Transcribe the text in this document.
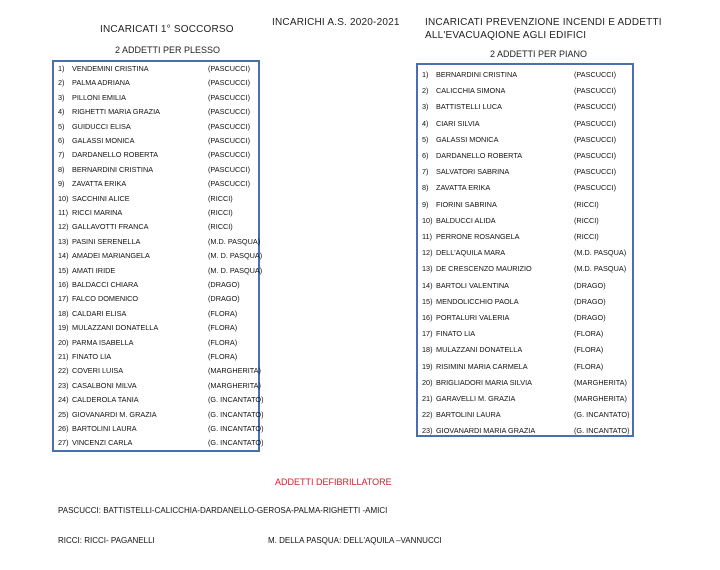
INCARICATI 1° SOCCORSO
INCARICHI A.S. 2020-2021	INCARICATI PREVENZIONE INCENDI E ADDETTI
ALL'EVACUAQIONE AGLI EDIFICI
2 ADDETTI PER PLESSO	2 ADDETTI PER PIANO
1) VENDEMINI CRISTINA	(PASCUCCI)
2) PALMA ADRIANA	(PASCUCCI)
3) PILLONI EMILIA	(PASCUCCI)
4) RIGHETTI MARIA GRAZIA	(PASCUCCI)
5) GUIDUCCI ELISA	(PASCUCCI)
6) GALASSI MONICA	(PASCUCCI)
7) DARDANELLO ROBERTA	(PASCUCCI)
8) BERNARDINI CRISTINA	(PASCUCCI)
9) ZAVATTA ERIKA	(PASCUCCI)
10) SACCHINI ALICE	(RICCI)
11) RICCI MARINA	(RICCI)
12) GALLAVOTTI FRANCA	(RICCI)
13) PASINI SERENELLA	(M.D. PASQUA)
14) AMADEI MARIANGELA	(M. D. PASQUA)
15) AMATI IRIDE	(M. D. PASQUA)
16) BALDACCI CHIARA	(DRAGO)
17) FALCO DOMENICO	(DRAGO)
18) CALDARI ELISA	(FLORA)
19) MULAZZANI DONATELLA	(FLORA)
20) PARMA ISABELLA	(FLORA)
21) FINATO LIA	(FLORA)
22) COVERI LUISA	(MARGHERITA)
23) CASALBONI MILVA	(MARGHERITA)
24) CALDEROLA TANIA	(G. INCANTATO)
25) GIOVANARDI M. GRAZIA	(G. INCANTATO)
26) BARTOLINI LAURA	(G. INCANTATO)
27) VINCENZI CARLA	(G. INCANTATO)
1) BERNARDINI CRISTINA	(PASCUCCI)
2) CALICCHIA SIMONA	(PASCUCCI)
3) BATTISTELLI LUCA	(PASCUCCI)
4) CIARI SILVIA	(PASCUCCI)
5) GALASSI MONICA	(PASCUCCI)
6) DARDANELLO ROBERTA	(PASCUCCI)
7) SALVATORI SABRINA	(PASCUCCI)
8) ZAVATTA ERIKA	(PASCUCCI)
9) FIORINI SABRINA	(RICCI)
10) BALDUCCI ALIDA	(RICCI)
11) PERRONE ROSANGELA	(RICCI)
12) DELL'AQUILA MARA	(M.D. PASQUA)
13) DE CRESCENZO MAURIZIO	(M.D. PASQUA)
14) BARTOLI VALENTINA	(DRAGO)
15) MENDOLICCHIO PAOLA	(DRAGO)
16) PORTALURI VALERIA	(DRAGO)
17) FINATO LIA	(FLORA)
18) MULAZZANI DONATELLA	(FLORA)
19) RISIMINI MARIA CARMELA	(FLORA)
20) BRIGLIADORI MARIA SILVIA	(MARGHERITA)
21) GARAVELLI M. GRAZIA	(MARGHERITA)
22) BARTOLINI LAURA	(G. INCANTATO)
23) GIOVANARDI MARIA GRAZIA	(G. INCANTATO)
ADDETTI DEFIBRILLATORE
PASCUCCI: BATTISTELLI-CALICCHIA-DARDANELLO-GEROSA-PALMA-RIGHETTI -AMICI
RICCI: RICCI- PAGANELLI	M. DELLA PASQUA: DELL'AQUILA –VANNUCCI
